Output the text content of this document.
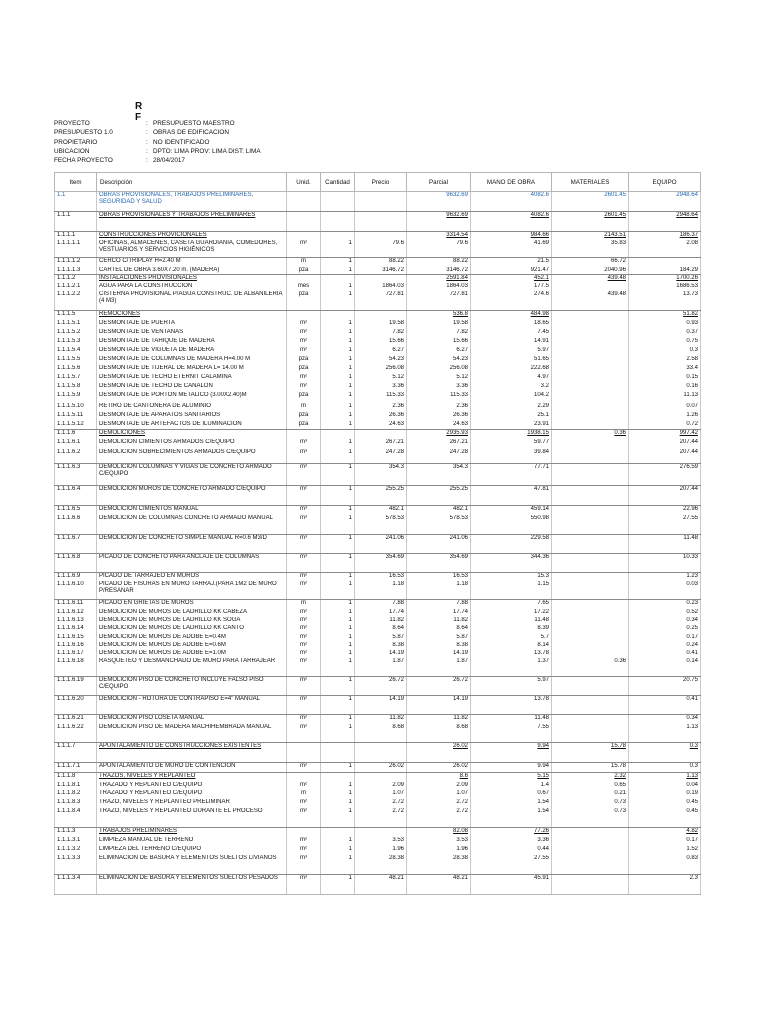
R
F
PROYECTO	: PRESUPUESTO MAESTRO
PRESUPUESTO 1.0	: OBRAS DE EDIFICACION
PROPIETARIO	: NO IDENTIFICADO
UBICACION	: DPTO: LIMA PROV: LIMA DIST: LIMA
FECHA PROYECTO	: 28/04/2017
Item	Descripción	Unid.	Cantidad	Precio	Parcial	MANO DE OBRA	MATERIALES	EQUIPO
1.1	OBRAS PROVISIONALES, TRABAJOS PRELIMINARES, SEGURIDAD Y SALUD				9632.69	4082.6	2601.45	2948.64
1.1.1	OBRAS PROVISIONALES Y TRABAJOS PRELIMINARES				9632.69	4082.6	2601.45	2948.64
1.1.1.1	CONSTRUCCIONES PROVICIONALES				3314.54	984.66	2143.51	186.37
1.1.1.1.1	OFICINAS, ALMACENES, CASETA GUARDIANIA, COMEDORES, VESTUARIOS Y SERVICIOS HIGIÉNICOS	m²	1	79.6	79.6	41.69	35.83	2.08
1.1.1.1.2	CERCO C/TRIPLAY H=2.40 M	m	1	88.22	88.22	21.5	66.72	
1.1.1.1.3	CARTEL DE OBRA 3.60X7.20 m. (MADERA)	pza	1	3146.72	3146.72	921.47	2040.96	184.29
1.1.1.2	INSTALACIONES PROVISIONALES				2591.84	452.1	439.48	1700.26
1.1.1.2.1	AGUA PARA LA CONSTRUCCION	mes	1	1864.03	1864.03	177.5		1686.53
1.1.1.2.2	CISTERNA PROVISIONAL P/AGUA CONSTRUC. DE ALBAÑILERIA (4 M3)	pza	1	727.81	727.81	274.6	439.48	13.73
1.1.1.5	REMOCIONES				536.8	484.98		51.82
1.1.1.5.1	DESMONTAJE DE PUERTA	m²	1	19.58	19.58	18.65		0.93
1.1.1.5.2	DESMONTAJE DE VENTANAS	m²	1	7.82	7.82	7.45		0.37
1.1.1.5.3	DESMONTAJE DE TAHIQUE DE MADERA	m²	1	15.66	15.66	14.91		0.75
1.1.1.5.4	DESMONTAJE DE VIGUETA DE MADERA	m²	1	6.27	6.27	5.97		0.3
1.1.1.5.5	DESMONTAJE DE COLUMNAS DE MADERA H=4.00 M	pza	1	54.23	54.23	51.65		2.58
1.1.1.5.6	DESMONTAJE DE TIJERAL DE MADERA L= 14.00 M	pza	1	256.08	256.08	222.68		33.4
1.1.1.5.7	DESMONTAJE DE TECHO ETERNIT CALAMINA	m²	1	5.12	5.12	4.97		0.15
1.1.1.5.8	DESMONTAJE DE TECHO DE CANALON	m²	1	3.36	3.36	3.2		0.16
1.1.1.5.9	DESMONTAJE DE PORTON METALICO (3.00X2.40)M	pza	1	115.33	115.33	104.2		11.13
1.1.1.5.10	RETIRO DE CANTONERA DE ALUMINIO	m	1	2.36	2.36	2.29		0.07
1.1.1.5.11	DESMONTAJE DE APARATOS SANITARIOS	pza	1	26.36	26.36	25.1		1.26
1.1.1.5.12	DESMONTAJE DE ARTEFACTOS DE ILUMINACION	pza	1	24.63	24.63	23.91		0.72
1.1.1.6	DEMOLICIONES				2935.93	1938.15	0.36	997.42
1.1.1.6.1	DEMOLICION CIMIENTOS ARMADOS C/EQUIPO	m³	1	267.21	267.21	59.77		207.44
1.1.1.6.2	DEMOLICION SOBRECIMIENTOS ARMADOS C/EQUIPO	m³	1	247.28	247.28	39.84		207.44
1.1.1.6.3	DEMOLICION COLUMNAS Y VIGAS DE CONCRETO ARMADO C/EQUIPO	m³	1	354.3	354.3	77.71		276.59
1.1.1.6.4	DEMOLICION MUROS DE CONCRETO ARMADO C/EQUIPO	m²	1	255.25	255.25	47.81		207.44
1.1.1.6.5	DEMOLICION CIMIENTOS MANUAL	m³	1	482.1	482.1	459.14		22.96
1.1.1.6.6	DEMOLICION DE COLUMNAS CONCRETO ARMADO MANUAL	m³	1	578.53	578.53	550.98		27.55
1.1.1.6.7	DEMOLICION DE CONCRETO SIMPLE MANUAL R=0.6 M3/D	m³	1	241.06	241.06	229.58		11.48
1.1.1.6.8	PICADO DE CONCRETO PARA ANCLAJE DE COLUMNAS	m³	1	354.69	354.69	344.36		10.33
1.1.1.6.9	PICADO DE TARRAJEO EN MUROS	m²	1	16.53	16.53	15.3		1.23
1.1.1.6.10	PICADO DE FISURAS EN MURO TARRAJ.(PARA 1M2 DE MURO P/RESANAR	m²	1	1.18	1.18	1.15		0.03
1.1.1.6.11	PICADO EN GRIETAS DE MUROS	m	1	7.88	7.88	7.65		0.23
1.1.1.6.12	DEMOLICION DE MUROS DE LADRILLO KK CABEZA	m²	1	17.74	17.74	17.22		0.52
1.1.1.6.13	DEMOLICION DE MUROS DE LADRILLO KK SOGA	m²	1	11.82	11.82	11.48		0.34
1.1.1.6.14	DEMOLICION DE MUROS DE LADRILLO KK CANTO	m²	1	8.64	8.64	8.39		0.25
1.1.1.6.15	DEMOLICION DE MUROS DE ADOBE E=0.4M	m²	1	5.87	5.87	5.7		0.17
1.1.1.6.16	DEMOLICION DE MUROS DE ADOBE E=0.6M	m²	1	8.38	8.38	8.14		0.24
1.1.1.6.17	DEMOLICION DE MUROS DE ADOBE E=1.0M	m²	1	14.19	14.19	13.78		0.41
1.1.1.6.18	RASQUETEO Y DESMANCHADO DE MURO PARA TARRAJEAR	m²	1	1.87	1.87	1.37	0.36	0.14
1.1.1.6.19	DEMOLICION PISO DE CONCRETO INCLUYE FALSO PISO C/EQUIPO	m²	1	26.72	26.72	5.97		20.75
1.1.1.6.20	DEMOLICION - ROTURA DE CONTRAPISO E=4" MANUAL	m²	1	14.19	14.19	13.78		0.41
1.1.1.6.21	DEMOLICION PISO LOSETA MANUAL	m²	1	11.82	11.82	11.48		0.34
1.1.1.6.22	DEMOLICION PISO DE MADERA MACHIHEMBRADA MANUAL	m²	1	8.68	8.68	7.55		1.13
1.1.1.7	APUNTALAMIENTO DE CONSTRUCCIONES EXISTENTES				26.02	9.94	15.78	0.3
1.1.1.7.1	APUNTALAMIENTO DE MURO DE CONTENCION	m²	1	26.02	26.02	9.94	15.78	0.3
1.1.1.8	TRAZOS, NIVELES Y REPLANTEO				8.6	5.15	2.32	1.13
1.1.1.8.1	TRAZADO Y REPLANTEO C/EQUIPO	m²	1	2.09	2.09	1.4	0.65	0.04
1.1.1.8.2	TRAZADO Y REPLANTEO C/EQUIPO	m	1	1.07	1.07	0.67	0.21	0.19
1.1.1.8.3	TRAZO, NIVELES Y REPLANTEO PRELIMINAR	m²	1	2.72	2.72	1.54	0.73	0.45
1.1.1.8.4	TRAZO, NIVELES Y REPLANTEO DURANTE EL PROCESO	m²	1	2.72	2.72	1.54	0.73	0.45
1.1.1.3	TRABAJOS PRELIMINARES				82.08	77.26		4.82
1.1.1.3.1	LIMPIEZA MANUAL DE TERRENO	m²	1	3.53	3.53	3.36		0.17
1.1.1.3.2	LIMPIEZA DEL TERRENO C/EQUIPO	m²	1	1.96	1.96	0.44		1.52
1.1.1.3.3	ELIMINACION DE BASURA Y ELEMENTOS SUELTOS LIVIANOS	m³	1	28.38	28.38	27.55		0.83
1.1.1.3.4	ELIMINACION DE BASURA Y ELEMENTOS SUELTOS PESADOS	m³	1	48.21	48.21	45.91		2.3
